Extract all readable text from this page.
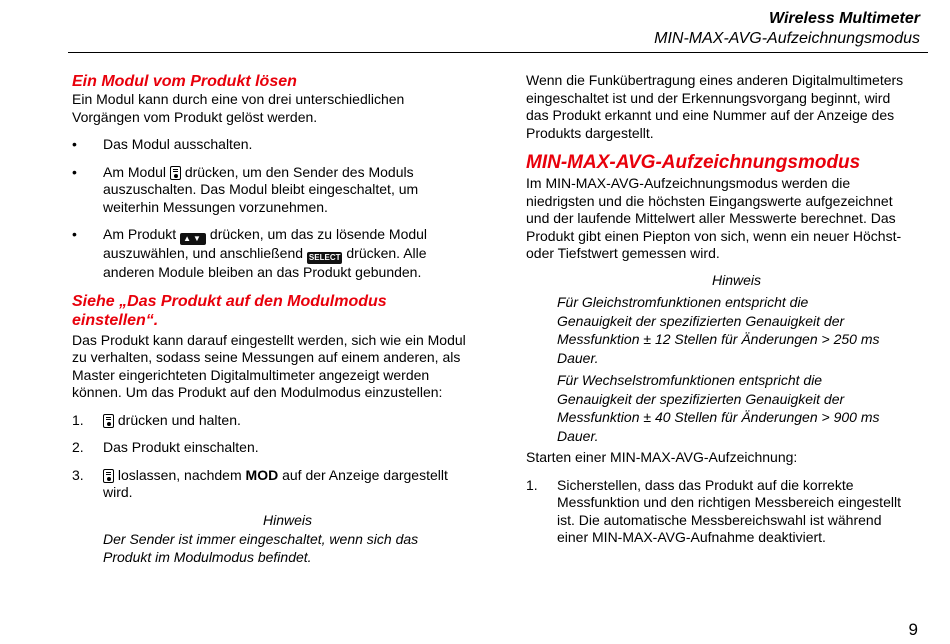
Wireless Multimeter
MIN-MAX-AVG-Aufzeichnungsmodus
Ein Modul vom Produkt lösen

Ein Modul kann durch eine von drei unterschiedlichen Vorgängen vom Produkt gelöst werden.

• Das Modul ausschalten.
• Am Modul drücken, um den Sender des Moduls auszuschalten. Das Modul bleibt eingeschaltet, um weiterhin Messungen vorzunehmen.
• Am Produkt ▲▼ drücken, um das zu lösende Modul auszuwählen, und anschließend SELECT drücken. Alle anderen Module bleiben an das Produkt gebunden.
Siehe „Das Produkt auf den Modulmodus einstellen“.

Das Produkt kann darauf eingestellt werden, sich wie ein Modul zu verhalten, sodass seine Messungen auf einem anderen, als Master eingerichteten Digitalmultimeter angezeigt werden können. Um das Produkt auf den Modulmodus einzustellen:

1. drücken und halten.
2. Das Produkt einschalten.
3. loslassen, nachdem MOD auf der Anzeige dargestellt wird.
Hinweis
Der Sender ist immer eingeschaltet, wenn sich das Produkt im Modulmodus befindet.

Wenn die Funkübertragung eines anderen Digitalmultimeters eingeschaltet ist und der Erkennungsvorgang beginnt, wird das Produkt erkannt und eine Nummer auf der Anzeige des Produkts dargestellt.

MIN-MAX-AVG-Aufzeichnungsmodus

Im MIN-MAX-AVG-Aufzeichnungsmodus werden die niedrigsten und die höchsten Eingangswerte aufgezeichnet und der laufende Mittelwert aller Messwerte berechnet. Das Produkt gibt einen Piepton von sich, wenn ein neuer Höchst- oder Tiefstwert gemessen wird.

Hinweis
Für Gleichstromfunktionen entspricht die Genauigkeit der spezifizierten Genauigkeit der Messfunktion ± 12 Stellen für Änderungen > 250 ms Dauer.
Für Wechselstromfunktionen entspricht die Genauigkeit der spezifizierten Genauigkeit der Messfunktion ± 40 Stellen für Änderungen > 900 ms Dauer.

Starten einer MIN-MAX-AVG-Aufzeichnung:

1. Sicherstellen, dass das Produkt auf die korrekte Messfunktion und den richtigen Messbereich eingestellt ist. Die automatische Messbereichswahl ist während einer MIN-MAX-AVG-Aufnahme deaktiviert.
9
